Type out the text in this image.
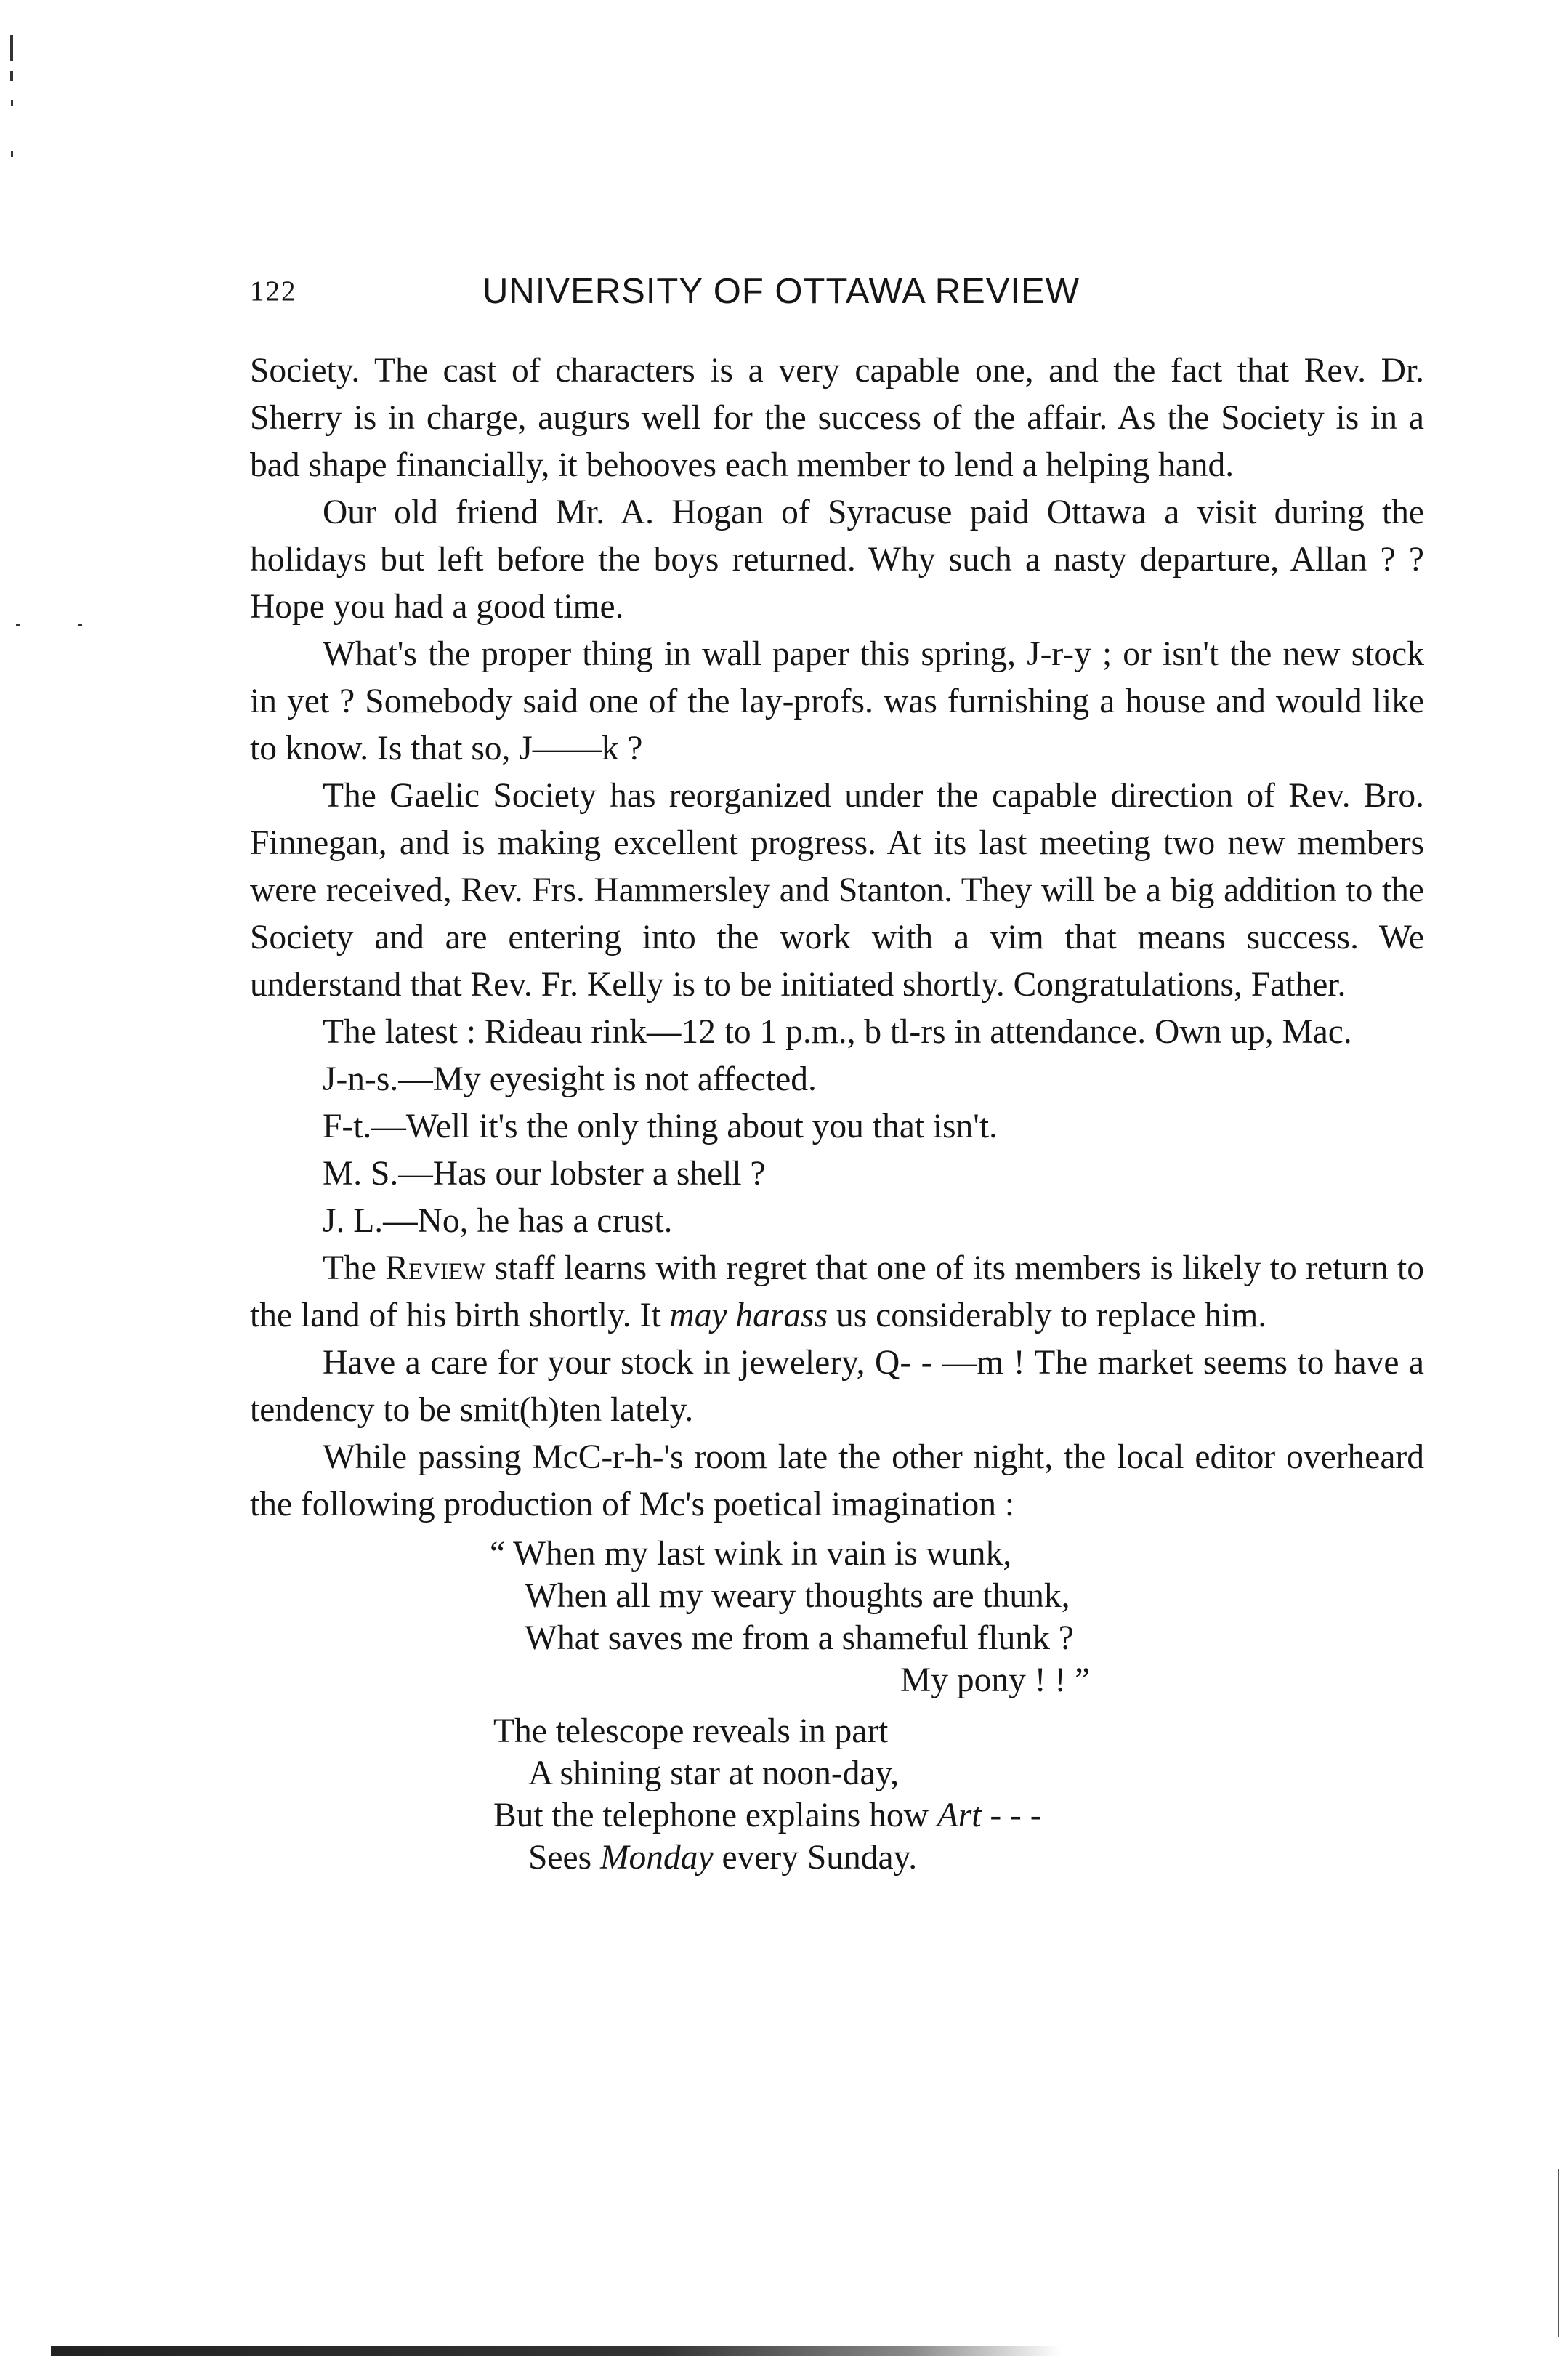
122	UNIVERSITY OF OTTAWA REVIEW

Society. The cast of characters is a very capable one, and the fact that Rev. Dr. Sherry is in charge, augurs well for the success of the affair. As the Society is in a bad shape financially, it behooves each member to lend a helping hand.

Our old friend Mr. A. Hogan of Syracuse paid Ottawa a visit during the holidays but left before the boys returned. Why such a nasty departure, Allan ? ? Hope you had a good time.

What's the proper thing in wall paper this spring, J-r-y ; or isn't the new stock in yet ? Somebody said one of the lay-profs. was furnishing a house and would like to know. Is that so, J——k ?

The Gaelic Society has reorganized under the capable direction of Rev. Bro. Finnegan, and is making excellent progress. At its last meeting two new members were received, Rev. Frs. Hammersley and Stanton. They will be a big addition to the Society and are entering into the work with a vim that means success. We understand that Rev. Fr. Kelly is to be initiated shortly. Congratulations, Father.

The latest : Rideau rink—12 to 1 p.m., b tl-rs in attendance. Own up, Mac.

J-n-s.—My eyesight is not affected.

F-t.—Well it's the only thing about you that isn't.

M. S.—Has our lobster a shell ?

J. L.—No, he has a crust.

The Review staff learns with regret that one of its members is likely to return to the land of his birth shortly. It may harass us considerably to replace him.

Have a care for your stock in jewelery, Q- - —m ! The market seems to have a tendency to be smit(h)ten lately.

While passing McC-r-h-'s room late the other night, the local editor overheard the following production of Mc's poetical imagination :

“ When my last wink in vain is wunk,
When all my weary thoughts are thunk,
What saves me from a shameful flunk ?
My pony ! ! ”
The telescope reveals in part
A shining star at noon-day,
But the telephone explains how Art - - -
Sees Monday every Sunday.
